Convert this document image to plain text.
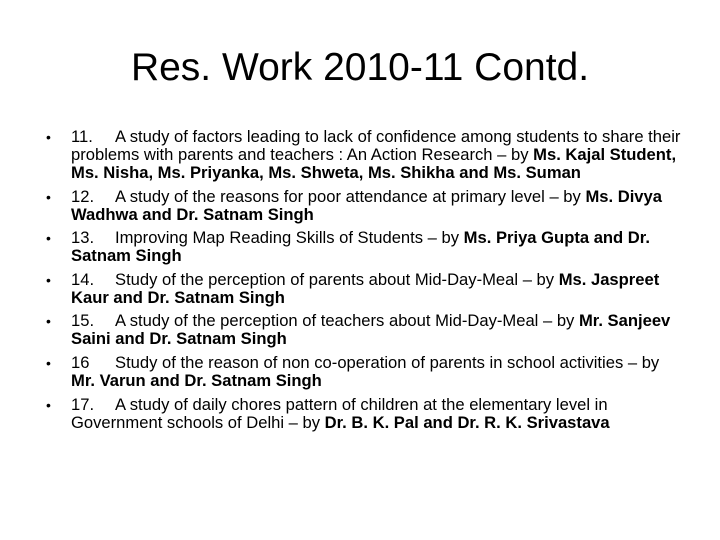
Res. Work 2010-11 Contd.
• 11. A study of factors leading to lack of confidence among students to share their problems with parents and teachers : An Action Research – by Ms. Kajal Student, Ms. Nisha, Ms. Priyanka, Ms. Shweta, Ms. Shikha and Ms. Suman
• 12. A study of the reasons for poor attendance at primary level – by Ms. Divya Wadhwa and Dr. Satnam Singh
• 13. Improving Map Reading Skills of Students – by Ms. Priya Gupta and Dr. Satnam Singh
• 14. Study of the perception of parents about Mid-Day-Meal – by Ms. Jaspreet Kaur and Dr. Satnam Singh
• 15. A study of the perception of teachers about Mid-Day-Meal – by Mr. Sanjeev Saini and Dr. Satnam Singh
• 16 Study of the reason of non co-operation of parents in school activities – by Mr. Varun and Dr. Satnam Singh
• 17. A study of daily chores pattern of children at the elementary level in Government schools of Delhi – by Dr. B. K. Pal and Dr. R. K. Srivastava
